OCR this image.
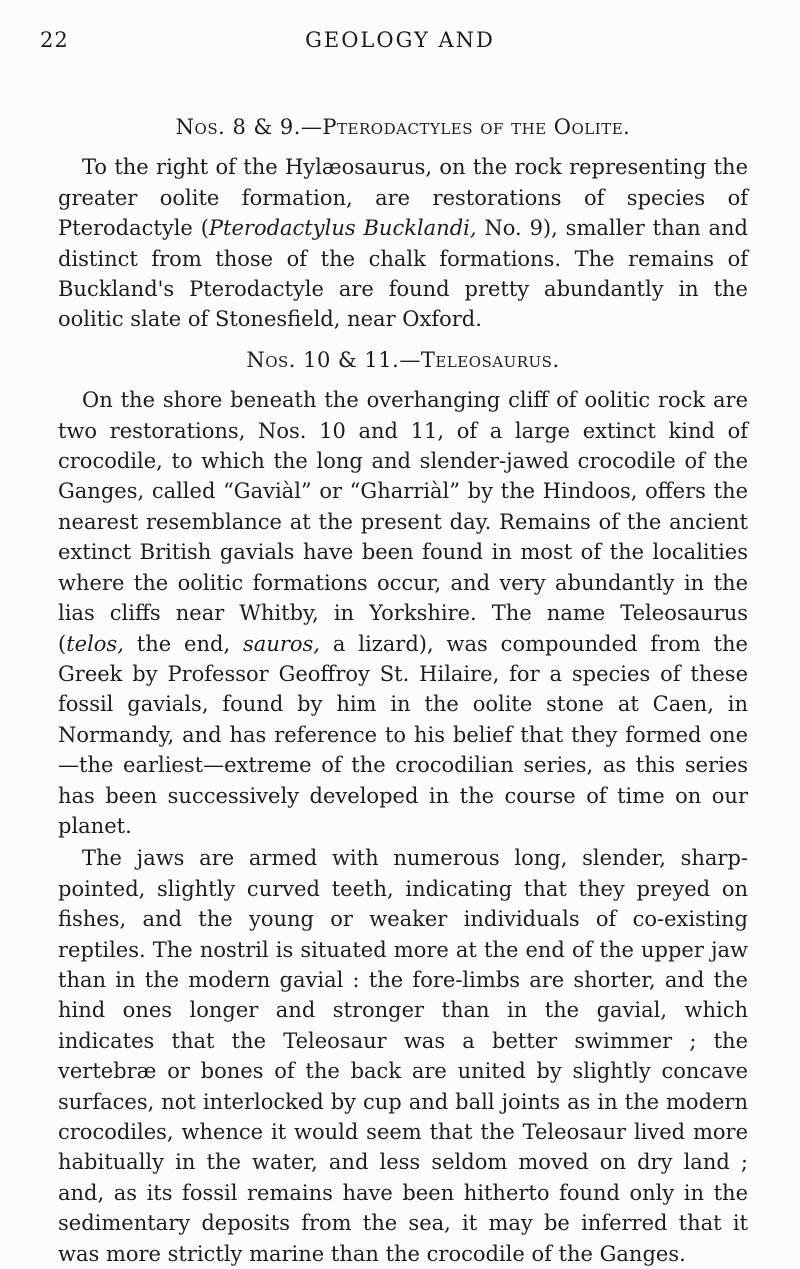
22	GEOLOGY AND
Nos. 8 & 9.—Pterodactyles of the Oolite.

To the right of the Hylæosaurus, on the rock representing the greater oolite formation, are restorations of species of Pterodactyle (Pterodactylus Bucklandi, No. 9), smaller than and distinct from those of the chalk formations. The remains of Buckland's Pterodactyle are found pretty abundantly in the oolitic slate of Stonesfield, near Oxford.

Nos. 10 & 11.—Teleosaurus.

On the shore beneath the overhanging cliff of oolitic rock are two restorations, Nos. 10 and 11, of a large extinct kind of crocodile, to which the long and slender-jawed crocodile of the Ganges, called “Gaviàl” or “Gharriàl” by the Hindoos, offers the nearest resemblance at the present day. Remains of the ancient extinct British gavials have been found in most of the localities where the oolitic formations occur, and very abundantly in the lias cliffs near Whitby, in Yorkshire. The name Teleosaurus (telos, the end, sauros, a lizard), was compounded from the Greek by Professor Geoffroy St. Hilaire, for a species of these fossil gavials, found by him in the oolite stone at Caen, in Normandy, and has reference to his belief that they formed one—the earliest—extreme of the crocodilian series, as this series has been successively developed in the course of time on our planet.

The jaws are armed with numerous long, slender, sharp-pointed, slightly curved teeth, indicating that they preyed on fishes, and the young or weaker individuals of co-existing reptiles. The nostril is situated more at the end of the upper jaw than in the modern gavial : the fore-limbs are shorter, and the hind ones longer and stronger than in the gavial, which indicates that the Teleosaur was a better swimmer ; the vertebræ or bones of the back are united by slightly concave surfaces, not interlocked by cup and ball joints as in the modern crocodiles, whence it would seem that the Teleosaur lived more habitually in the water, and less seldom moved on dry land ; and, as its fossil remains have been hitherto found only in the sedimentary deposits from the sea, it may be inferred that it was more strictly marine than the crocodile of the Ganges.
